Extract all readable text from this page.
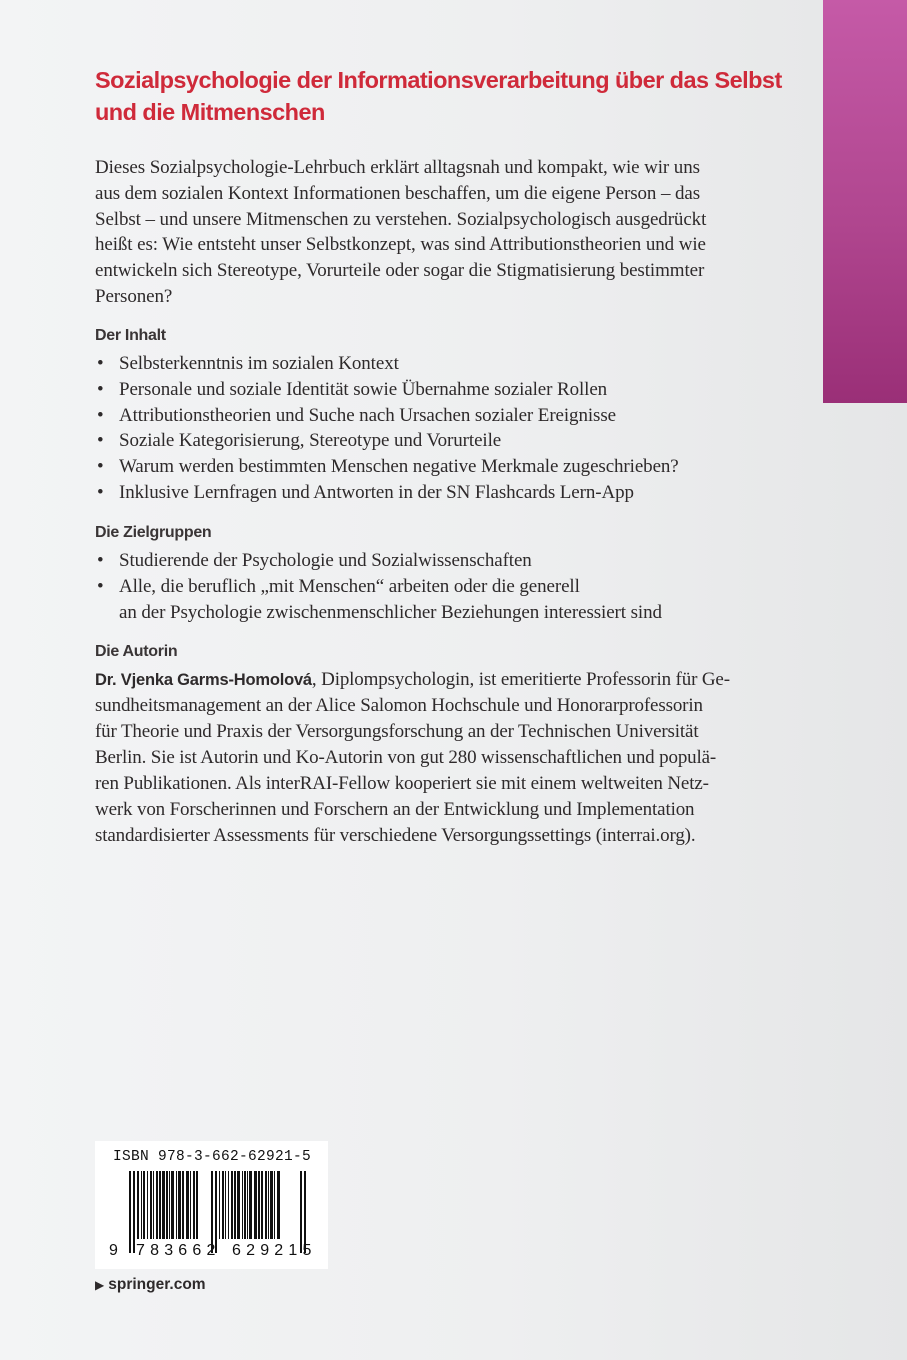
Sozialpsychologie der Informationsverarbeitung über das Selbst
und die Mitmenschen
Dieses Sozialpsychologie-Lehrbuch erklärt alltagsnah und kompakt, wie wir uns
aus dem sozialen Kontext Informationen beschaffen, um die eigene Person – das
Selbst – und unsere Mitmenschen zu verstehen. Sozialpsychologisch ausgedrückt
heißt es: Wie entsteht unser Selbstkonzept, was sind Attributionstheorien und wie
entwickeln sich Stereotype, Vorurteile oder sogar die Stigmatisierung bestimmter
Personen?
Der Inhalt
• Selbsterkenntnis im sozialen Kontext
• Personale und soziale Identität sowie Übernahme sozialer Rollen
• Attributionstheorien und Suche nach Ursachen sozialer Ereignisse
• Soziale Kategorisierung, Stereotype und Vorurteile
• Warum werden bestimmten Menschen negative Merkmale zugeschrieben?
• Inklusive Lernfragen und Antworten in der SN Flashcards Lern-App
Die Zielgruppen
• Studierende der Psychologie und Sozialwissenschaften
• Alle, die beruflich „mit Menschen“ arbeiten oder die generell
an der Psychologie zwischenmenschlicher Beziehungen interessiert sind
Die Autorin
Dr. Vjenka Garms-Homolová, Diplompsychologin, ist emeritierte Professorin für Ge-
sundheitsmanagement an der Alice Salomon Hochschule und Honorarprofessorin
für Theorie und Praxis der Versorgungsforschung an der Technischen Universität
Berlin. Sie ist Autorin und Ko-Autorin von gut 280 wissenschaftlichen und populä-
ren Publikationen. Als interRAI-Fellow kooperiert sie mit einem weltweiten Netz-
werk von Forscherinnen und Forschern an der Entwicklung und Implementation
standardisierter Assessments für verschiedene Versorgungssettings (interrai.org).
ISBN 978-3-662-62921-5
9 783662 629215
▶ springer.com
